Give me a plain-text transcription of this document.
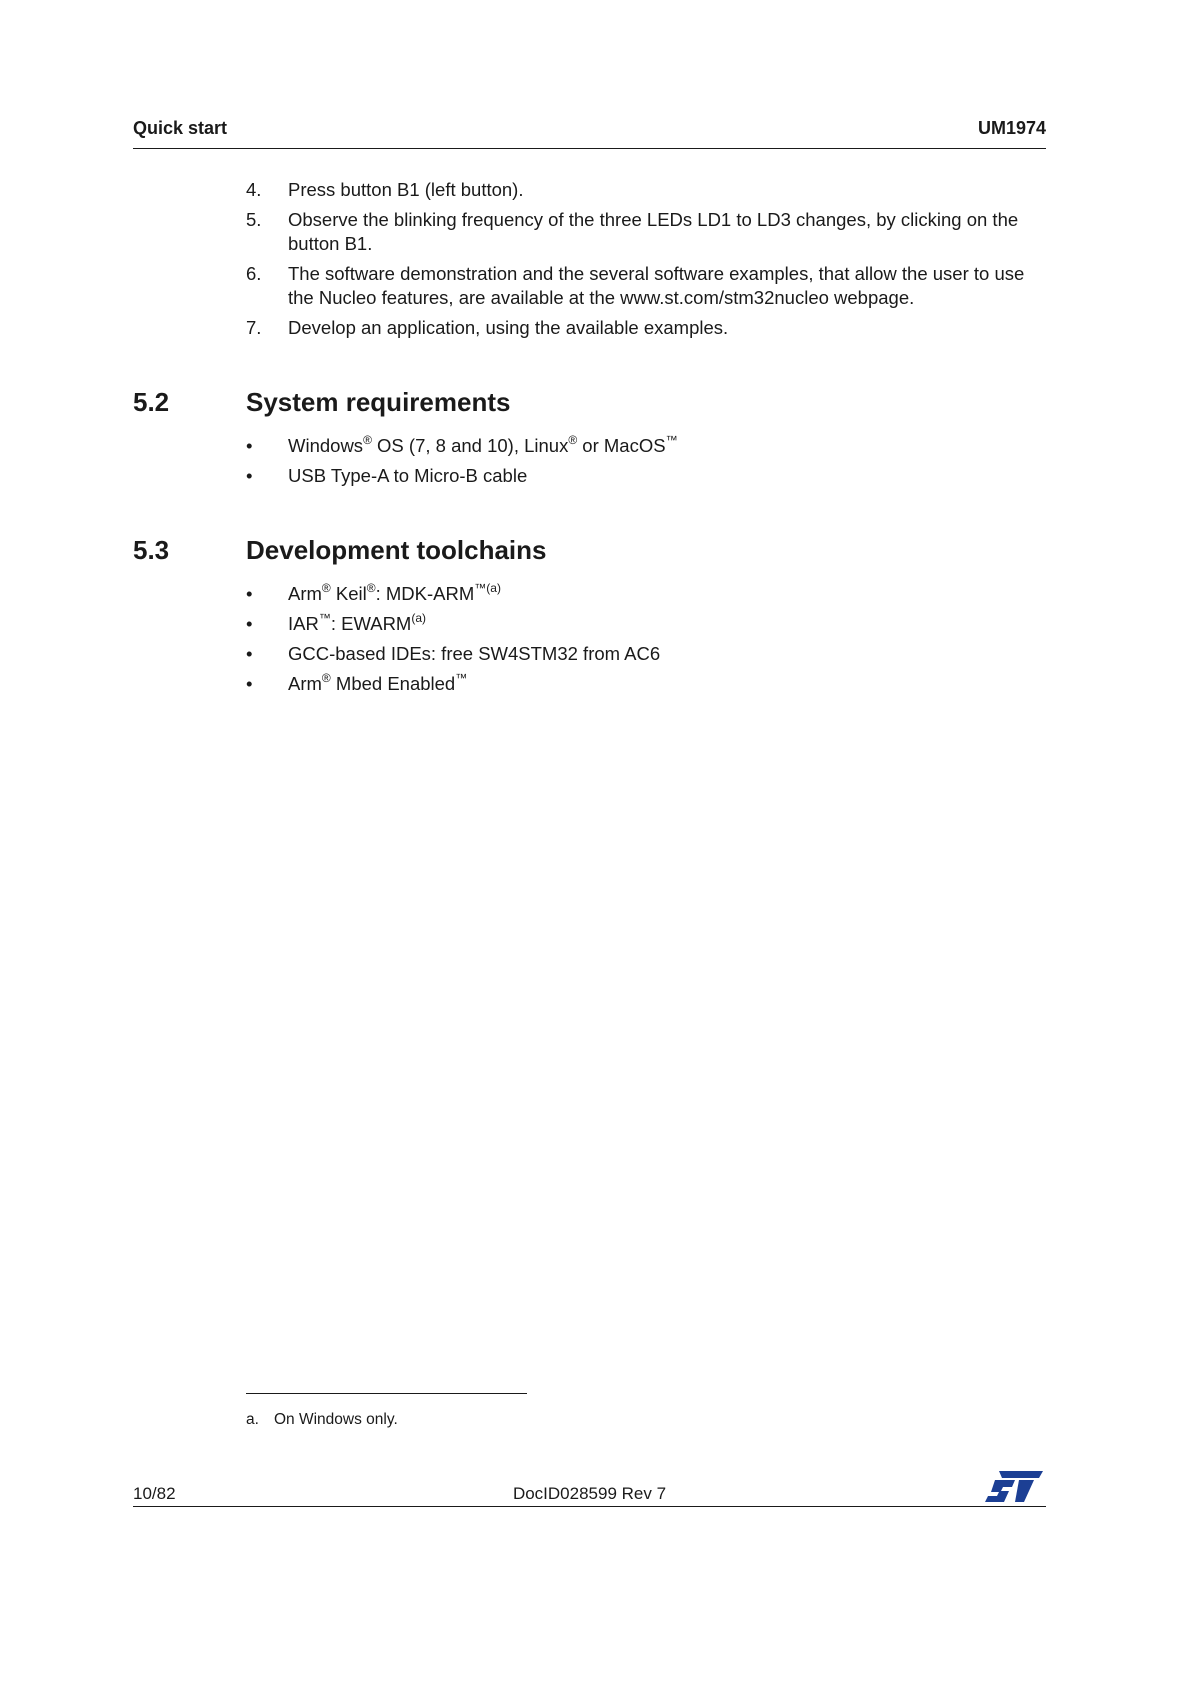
Quick start	UM1974
4. Press button B1 (left button).
5. Observe the blinking frequency of the three LEDs LD1 to LD3 changes, by clicking on the button B1.
6. The software demonstration and the several software examples, that allow the user to use the Nucleo features, are available at the www.st.com/stm32nucleo webpage.
7. Develop an application, using the available examples.
5.2	System requirements
• Windows® OS (7, 8 and 10), Linux® or MacOS™
• USB Type-A to Micro-B cable
5.3	Development toolchains
• Arm® Keil®: MDK-$ARM^{™(a)}$
• IAR™: EWARM$^{(a)}$
• GCC-based IDEs: free SW4STM32 from AC6
• Arm® Mbed Enabled™
a. On Windows only.
10/82	DocID028599 Rev 7
